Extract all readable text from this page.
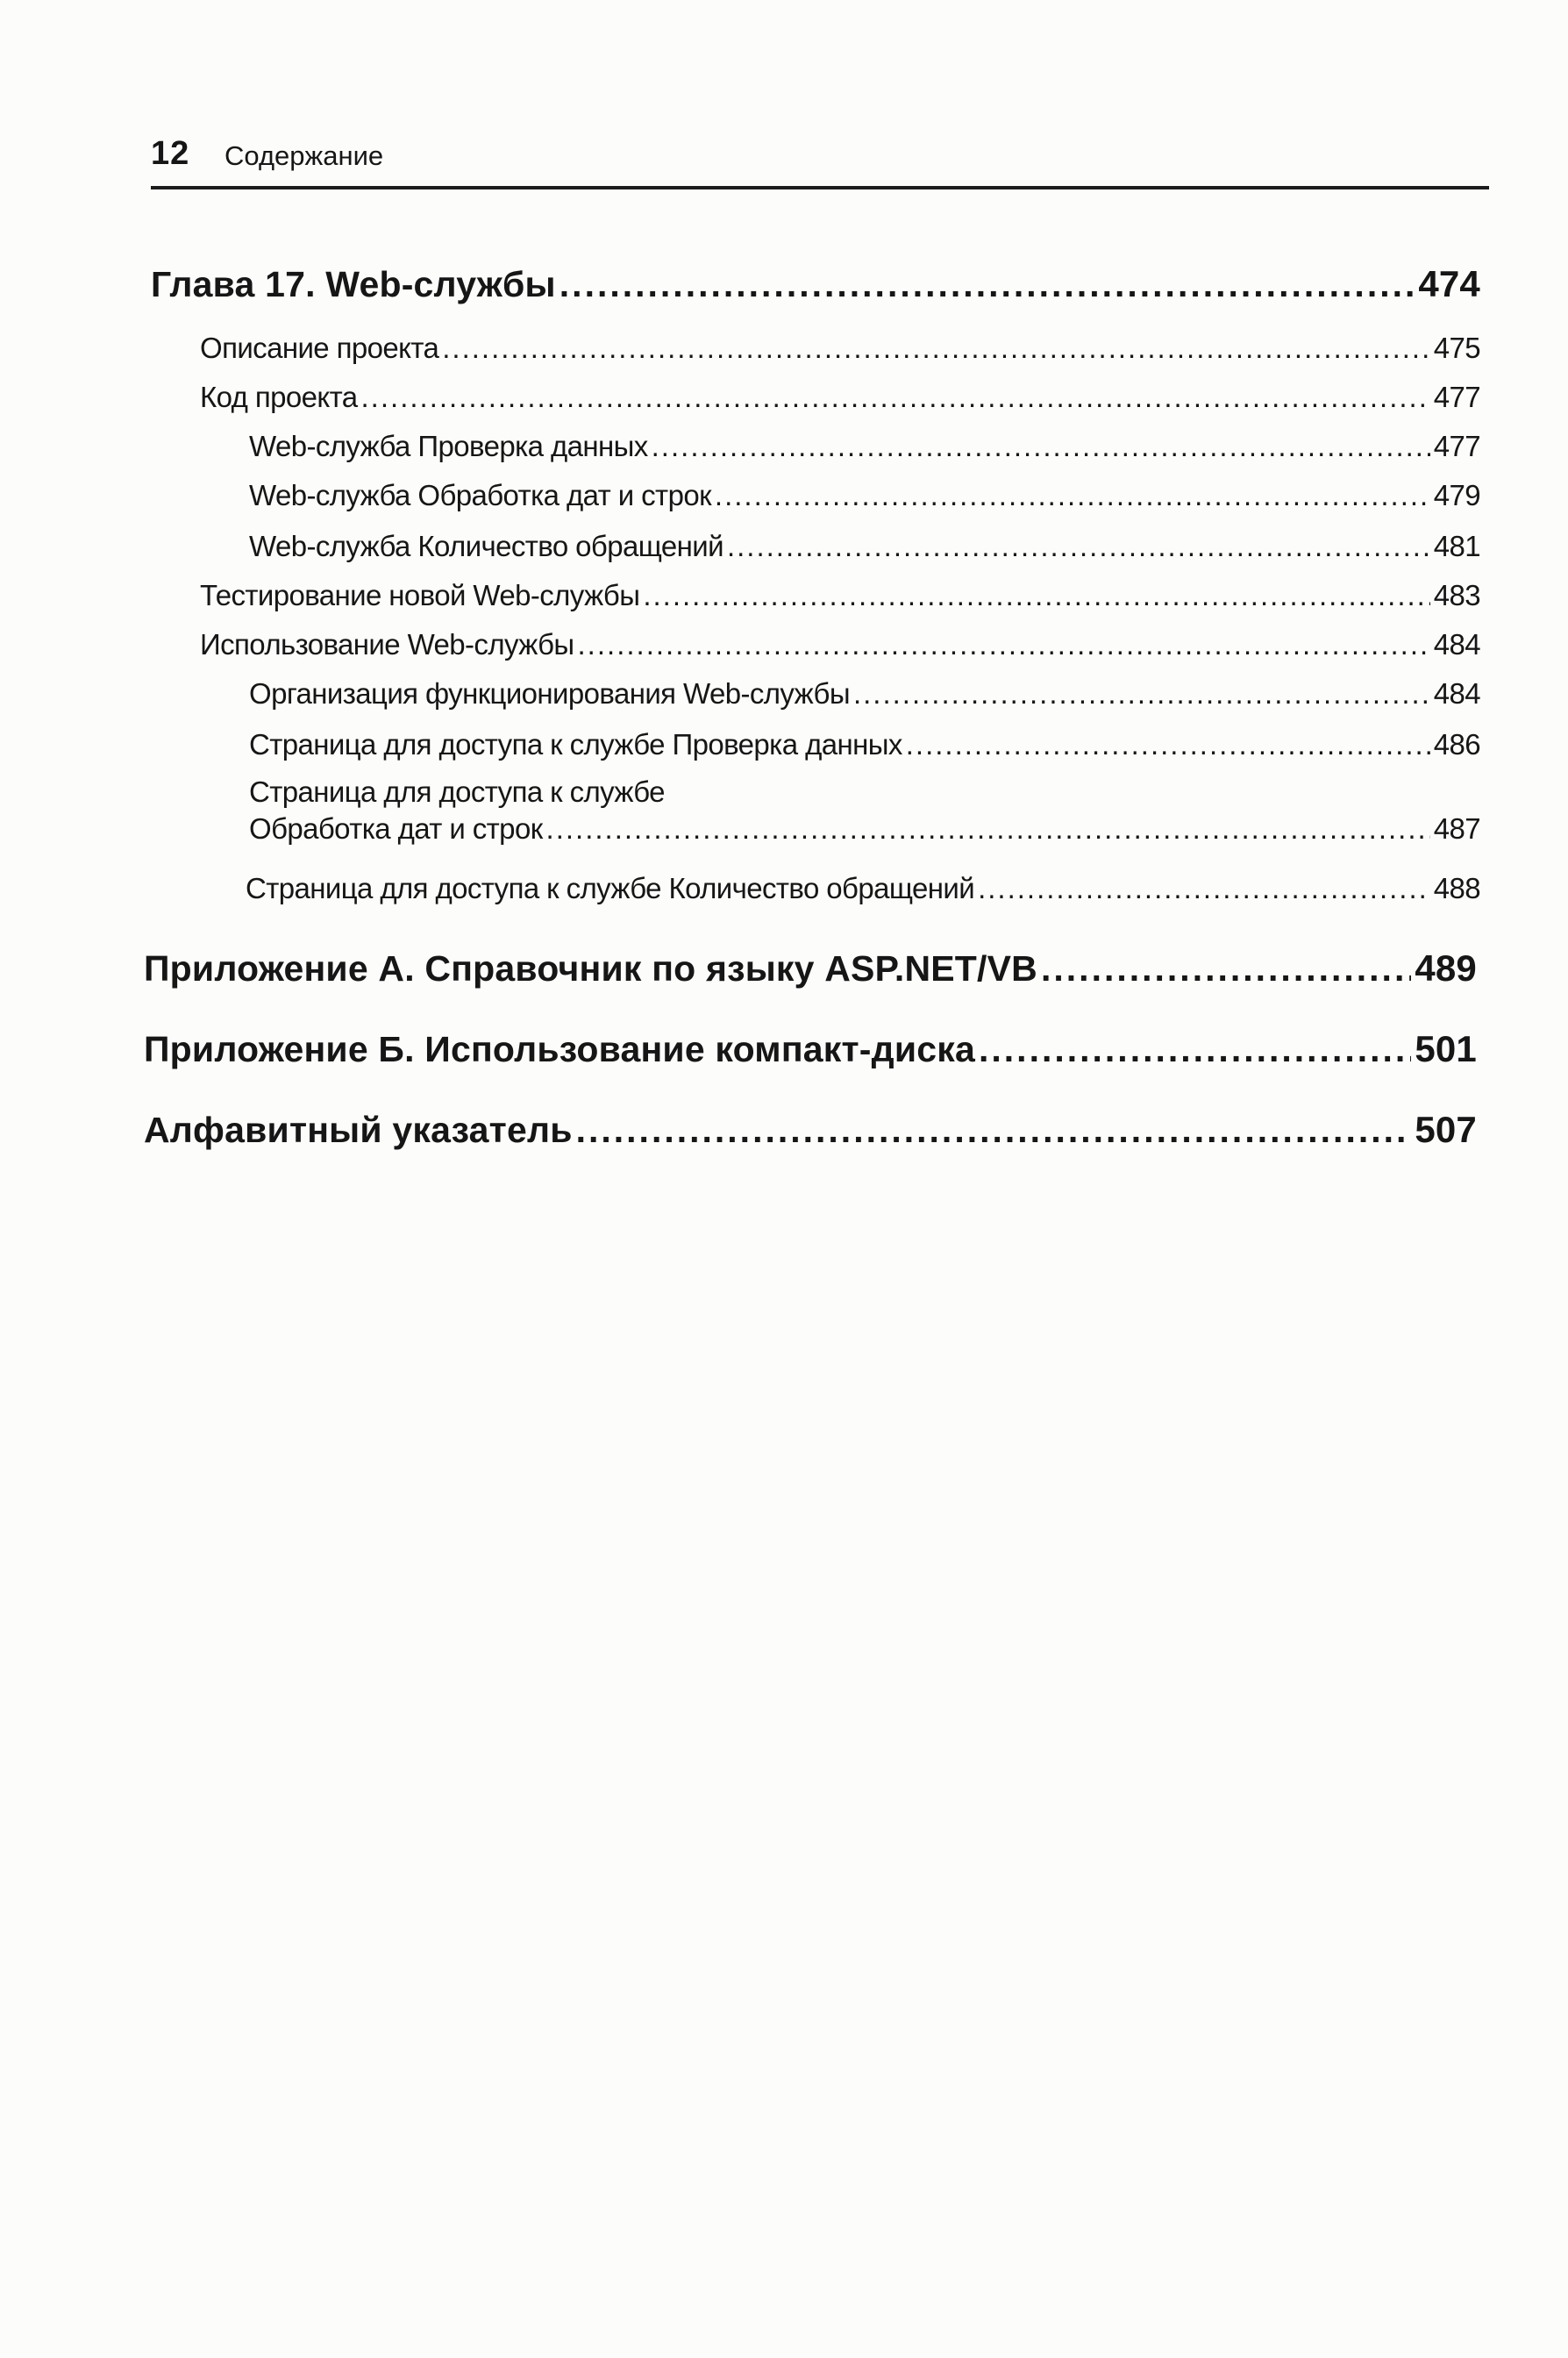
12 Содержание
Глава 17. Web-службы .....	474
Описание проекта .....	475
Код проекта .....	477
Web-служба Проверка данных .....	477
Web-служба Обработка дат и строк .....	479
Web-служба Количество обращений .....	481
Тестирование новой Web-службы .....	483
Использование Web-службы .....	484
Организация функционирования Web-службы .....	484
Страница для доступа к службе Проверка данных .....	486
Страница для доступа к службе
Обработка дат и строк .....	487
Страница для доступа к службе Количество обращений .....	488
Приложение А. Справочник по языку ASP.NET/VB .....	489
Приложение Б. Использование компакт-диска .....	501
Алфавитный указатель .....	507
